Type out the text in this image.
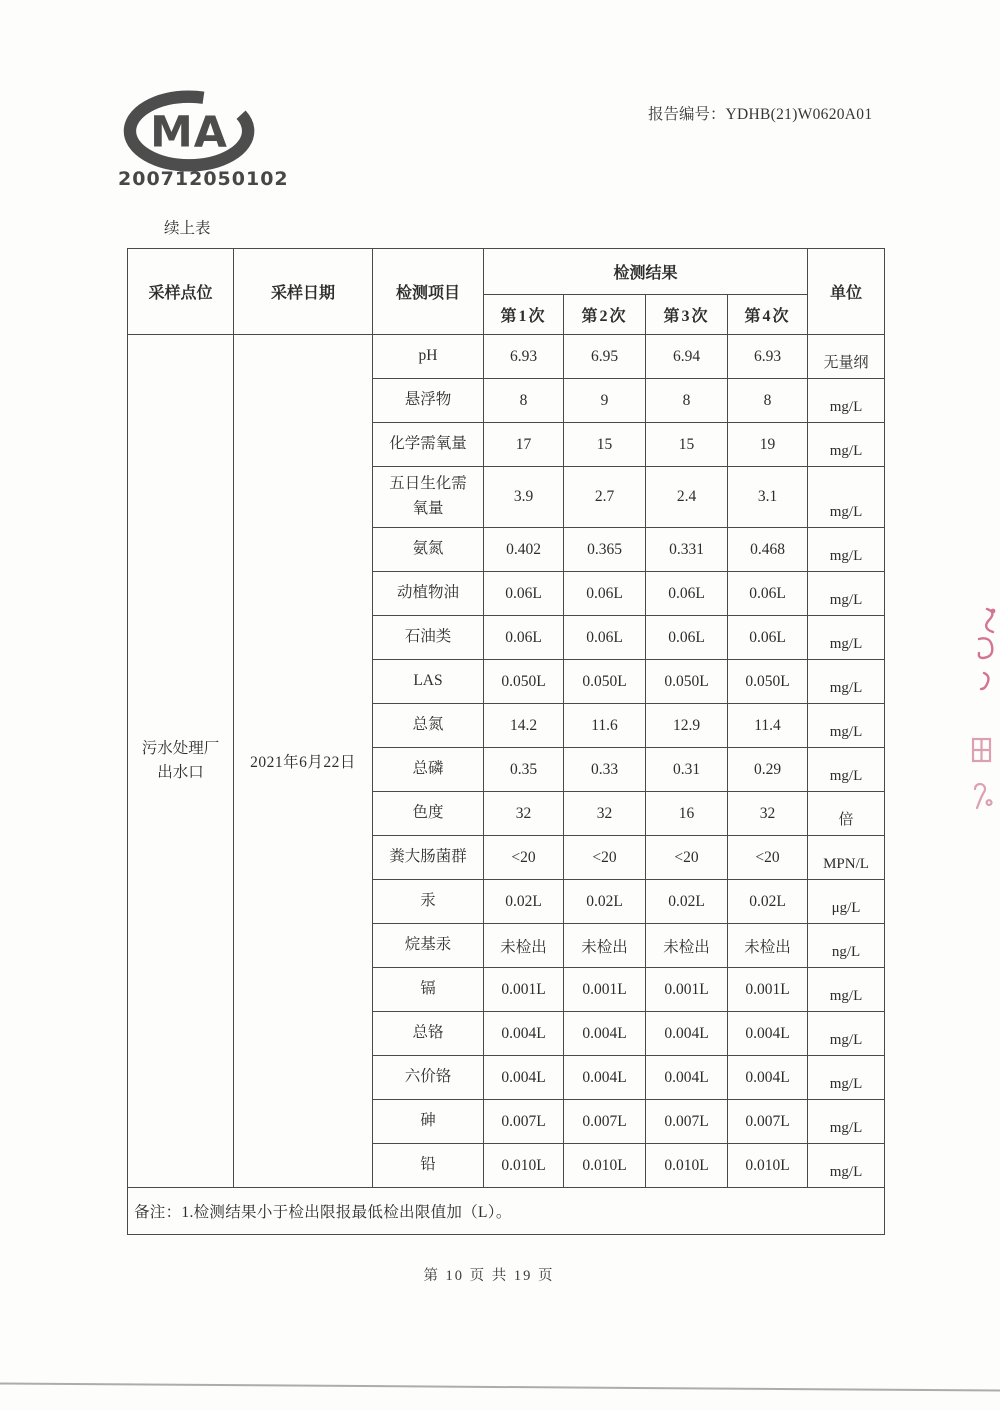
MA
200712050102
报告编号：YDHB(21)W0620A01
续上表
采样点位	采样日期	检测项目	检测结果				单位
			第1次	第2次	第3次	第4次	
污水处理厂出水口	2021年6月22日	pH	6.93	6.95	6.94	6.93	无量纲
		悬浮物	8	9	8	8	mg/L
		化学需氧量	17	15	15	19	mg/L
		五日生化需氧量	3.9	2.7	2.4	3.1	mg/L
		氨氮	0.402	0.365	0.331	0.468	mg/L
		动植物油	0.06L	0.06L	0.06L	0.06L	mg/L
		石油类	0.06L	0.06L	0.06L	0.06L	mg/L
		LAS	0.050L	0.050L	0.050L	0.050L	mg/L
		总氮	14.2	11.6	12.9	11.4	mg/L
		总磷	0.35	0.33	0.31	0.29	mg/L
		色度	32	32	16	32	倍
		粪大肠菌群	<20	<20	<20	<20	MPN/L
		汞	0.02L	0.02L	0.02L	0.02L	μg/L
		烷基汞	未检出	未检出	未检出	未检出	ng/L
		镉	0.001L	0.001L	0.001L	0.001L	mg/L
		总铬	0.004L	0.004L	0.004L	0.004L	mg/L
		六价铬	0.004L	0.004L	0.004L	0.004L	mg/L
		砷	0.007L	0.007L	0.007L	0.007L	mg/L
		铅	0.010L	0.010L	0.010L	0.010L	mg/L
备注：1.检测结果小于检出限报最低检出限值加（L）。							
第 10 页 共 19 页
